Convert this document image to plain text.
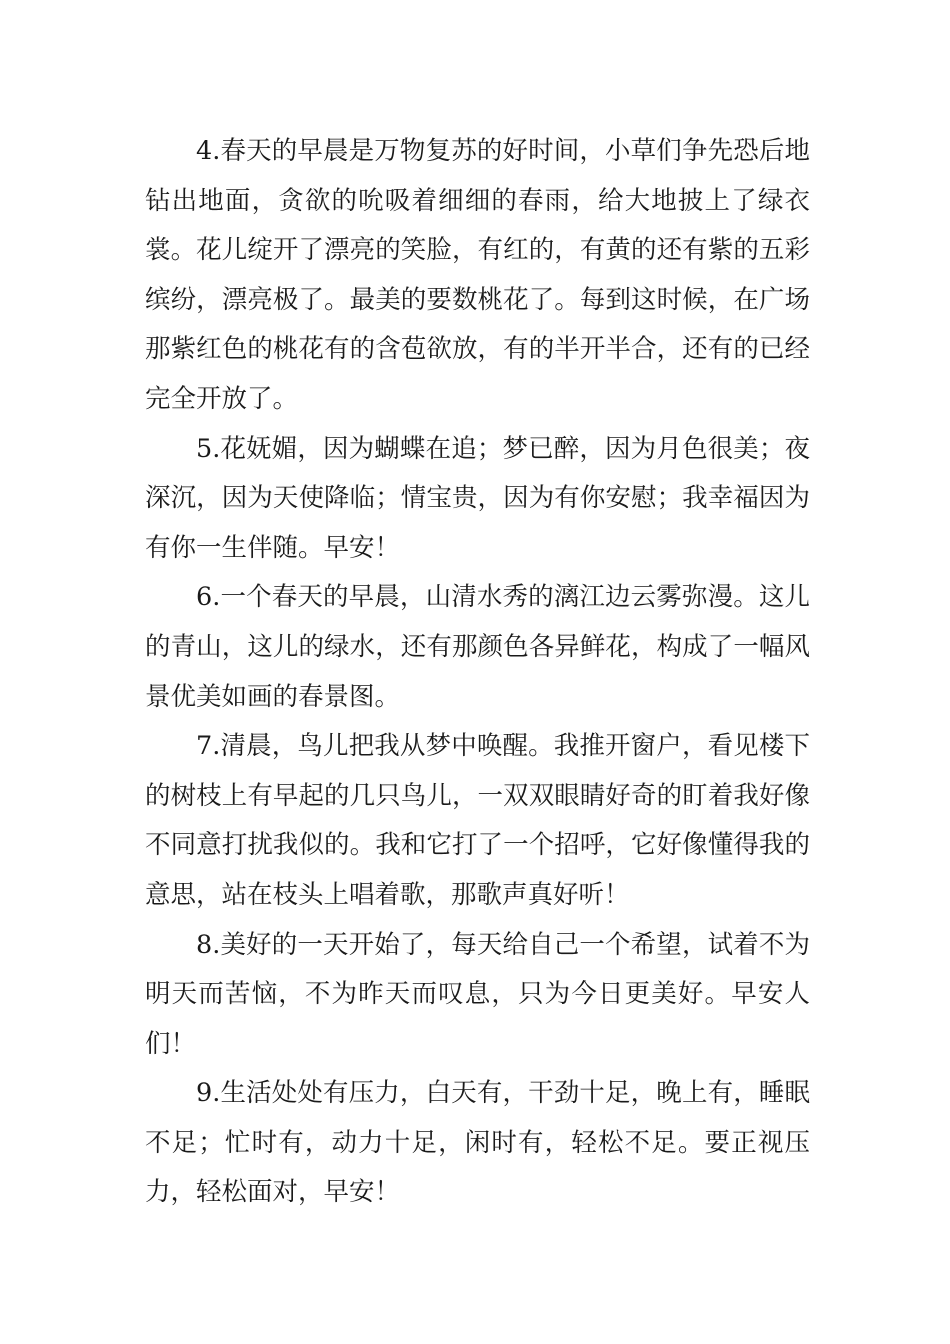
4.春天的早晨是万物复苏的好时间，小草们争先恐后地钻出地面，贪欲的吮吸着细细的春雨，给大地披上了绿衣裳。花儿绽开了漂亮的笑脸，有红的，有黄的还有紫的五彩缤纷，漂亮极了。最美的要数桃花了。每到这时候，在广场那紫红色的桃花有的含苞欲放，有的半开半合，还有的已经完全开放了。

5.花妩媚，因为蝴蝶在追；梦已醉，因为月色很美；夜深沉，因为天使降临；情宝贵，因为有你安慰；我幸福因为有你一生伴随。早安！

6.一个春天的早晨，山清水秀的漓江边云雾弥漫。这儿的青山，这儿的绿水，还有那颜色各异鲜花，构成了一幅风景优美如画的春景图。

7.清晨，鸟儿把我从梦中唤醒。我推开窗户，看见楼下的树枝上有早起的几只鸟儿，一双双眼睛好奇的盯着我好像不同意打扰我似的。我和它打了一个招呼，它好像懂得我的意思，站在枝头上唱着歌，那歌声真好听！

8.美好的一天开始了，每天给自己一个希望，试着不为明天而苦恼，不为昨天而叹息，只为今日更美好。早安人们！

9.生活处处有压力，白天有，干劲十足，晚上有，睡眠不足；忙时有，动力十足，闲时有，轻松不足。要正视压力，轻松面对，早安！
